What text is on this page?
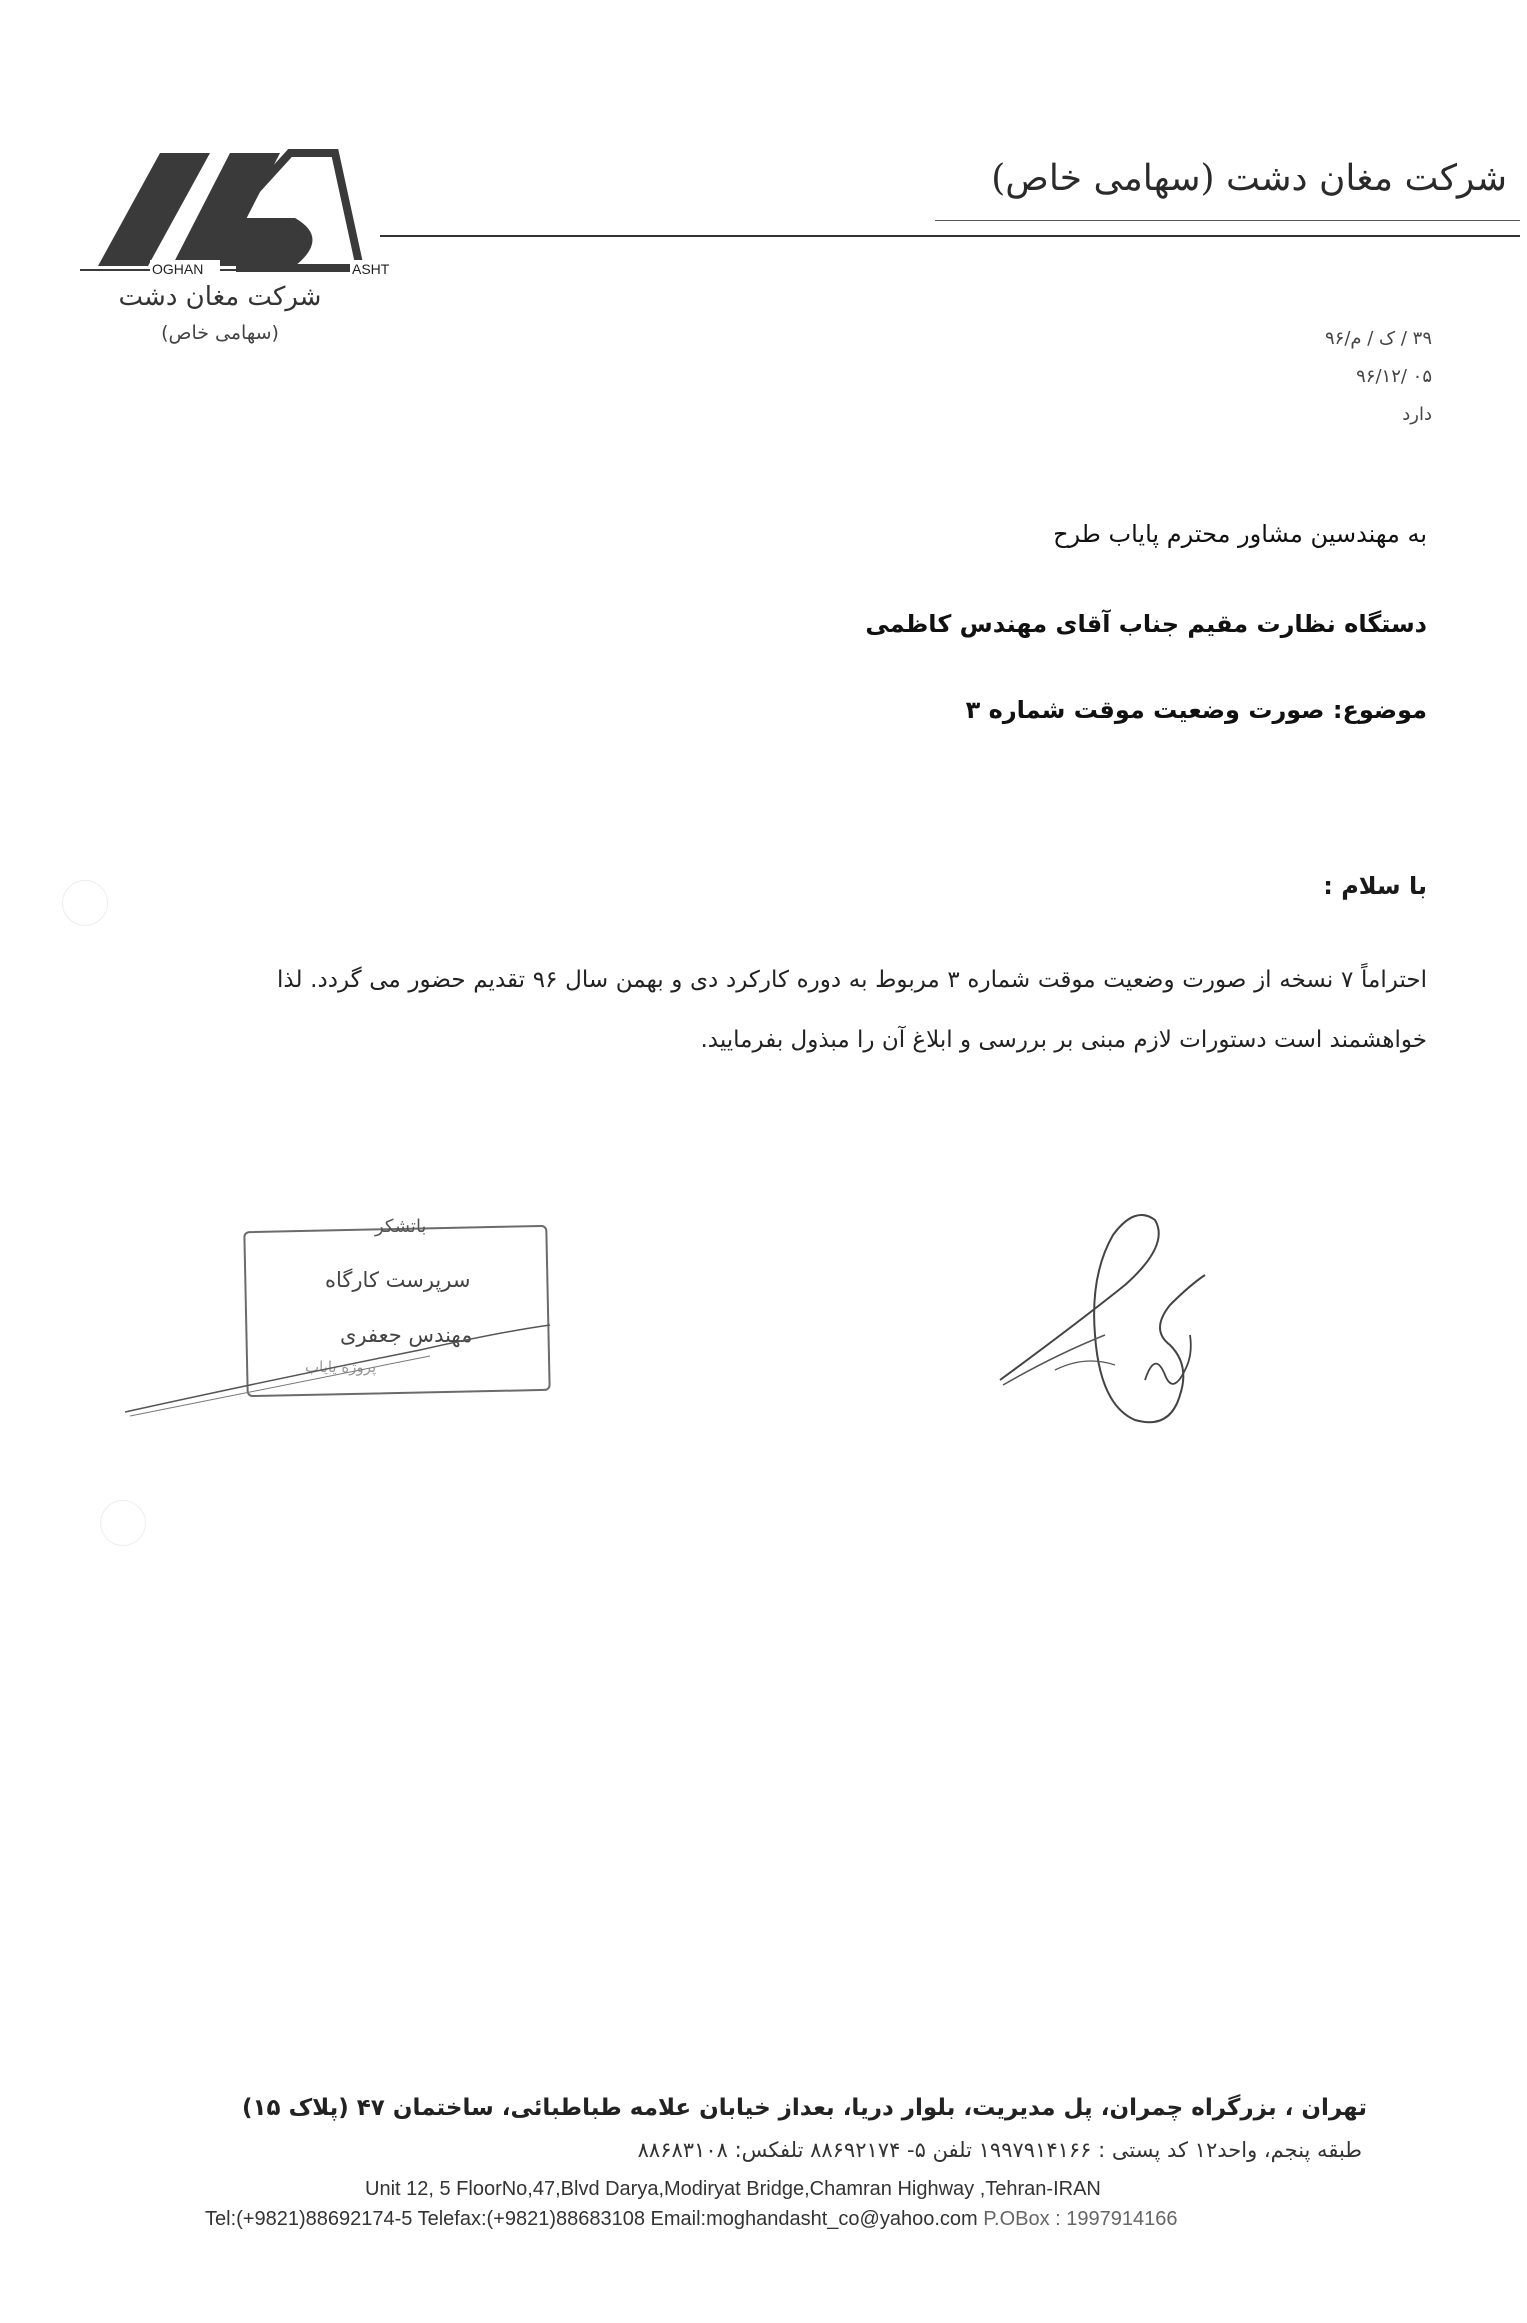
OGHAN	ASHT
شرکت مغان دشت
(سهامی خاص)
شرکت مغان دشت (سهامی خاص)
۳۹ / ک / م/۹۶
۹۶/۱۲/ ۰۵
دارد
به مهندسین مشاور محترم پایاب طرح
دستگاه نظارت مقیم جناب آقای مهندس کاظمی
موضوع: صورت وضعیت موقت شماره ۳
با سلام :
احتراماً ۷ نسخه از صورت وضعیت موقت شماره ۳ مربوط به دوره کارکرد دی و بهمن سال ۹۶ تقدیم حضور می گردد. لذا خواهشمند است دستورات لازم مبنی بر بررسی و ابلاغ آن را مبذول بفرمایید.
باتشکر
سرپرست کارگاه
مهندس جعفری
پروژه پایاب
تهران ، بزرگراه چمران، پل مدیریت، بلوار دریا، بعداز خیابان علامه طباطبائی، ساختمان ۴۷ (پلاک ۱۵)
طبقه پنجم، واحد۱۲ کد پستی : ۱۹۹۷۹۱۴۱۶۶ تلفن ۵- ۸۸۶۹۲۱۷۴ تلفکس: ۸۸۶۸۳۱۰۸
Unit 12, 5 FloorNo,47,Blvd Darya,Modiryat Bridge,Chamran Highway ,Tehran-IRAN
Tel:(+9821)88692174-5 Telefax:(+9821)88683108 Email:moghandasht_co@yahoo.com P.OBox : 1997914166
